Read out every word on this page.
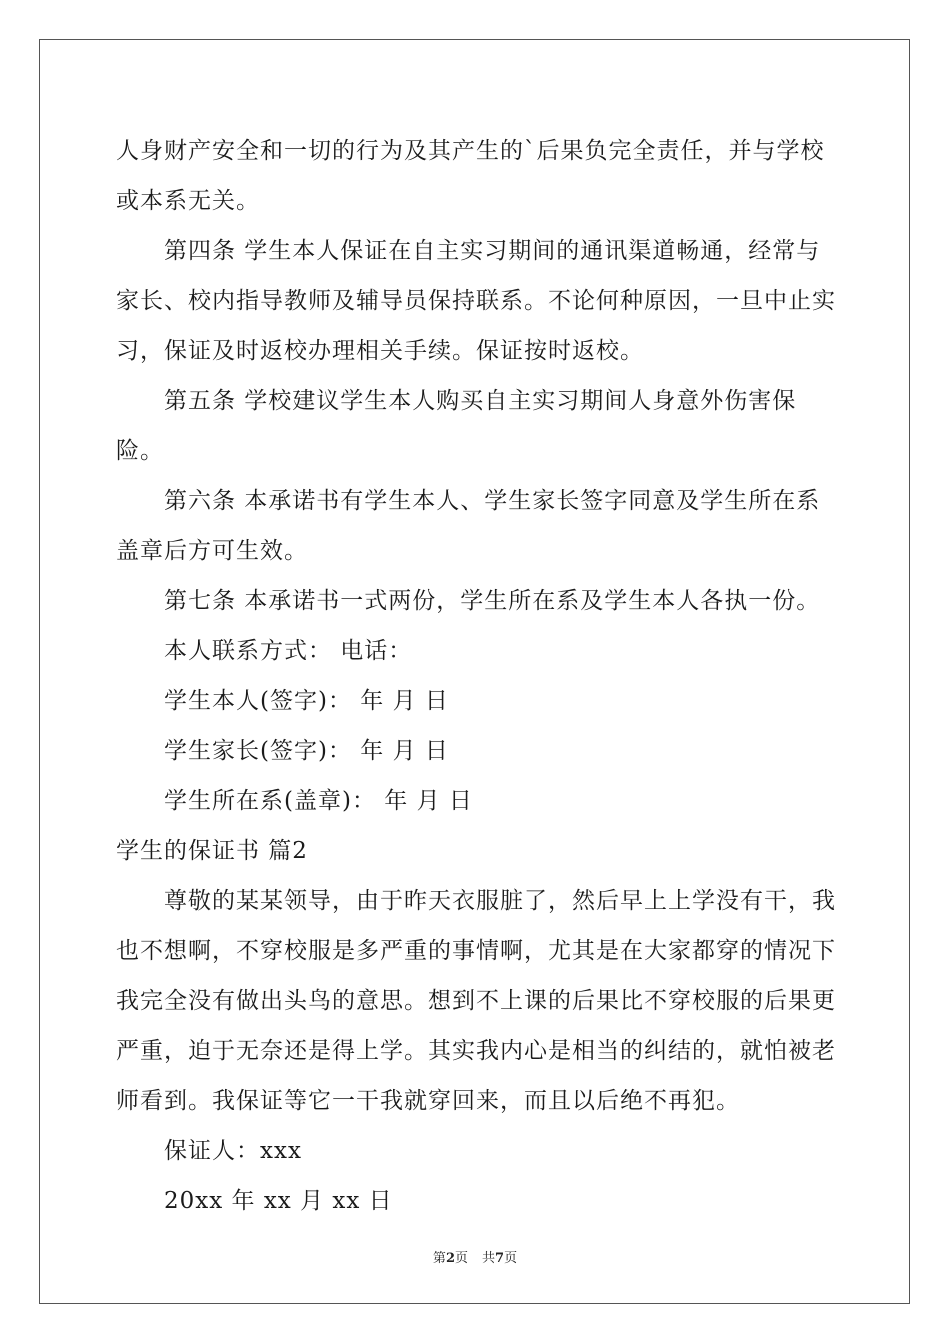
人身财产安全和一切的行为及其产生的`后果负完全责任，并与学校或本系无关。

第四条 学生本人保证在自主实习期间的通讯渠道畅通，经常与家长、校内指导教师及辅导员保持联系。不论何种原因，一旦中止实习，保证及时返校办理相关手续。保证按时返校。

第五条 学校建议学生本人购买自主实习期间人身意外伤害保险。

第六条 本承诺书有学生本人、学生家长签字同意及学生所在系盖章后方可生效。

第七条 本承诺书一式两份，学生所在系及学生本人各执一份。

本人联系方式： 电话：

学生本人(签字)： 年 月 日

学生家长(签字)： 年 月 日

学生所在系(盖章)： 年 月 日

学生的保证书 篇2

尊敬的某某领导，由于昨天衣服脏了，然后早上上学没有干，我也不想啊，不穿校服是多严重的事情啊，尤其是在大家都穿的情况下我完全没有做出头鸟的意思。想到不上课的后果比不穿校服的后果更严重，迫于无奈还是得上学。其实我内心是相当的纠结的，就怕被老师看到。我保证等它一干我就穿回来，而且以后绝不再犯。

保证人：xxx

20xx 年 xx 月 xx 日

第2页 共7页
